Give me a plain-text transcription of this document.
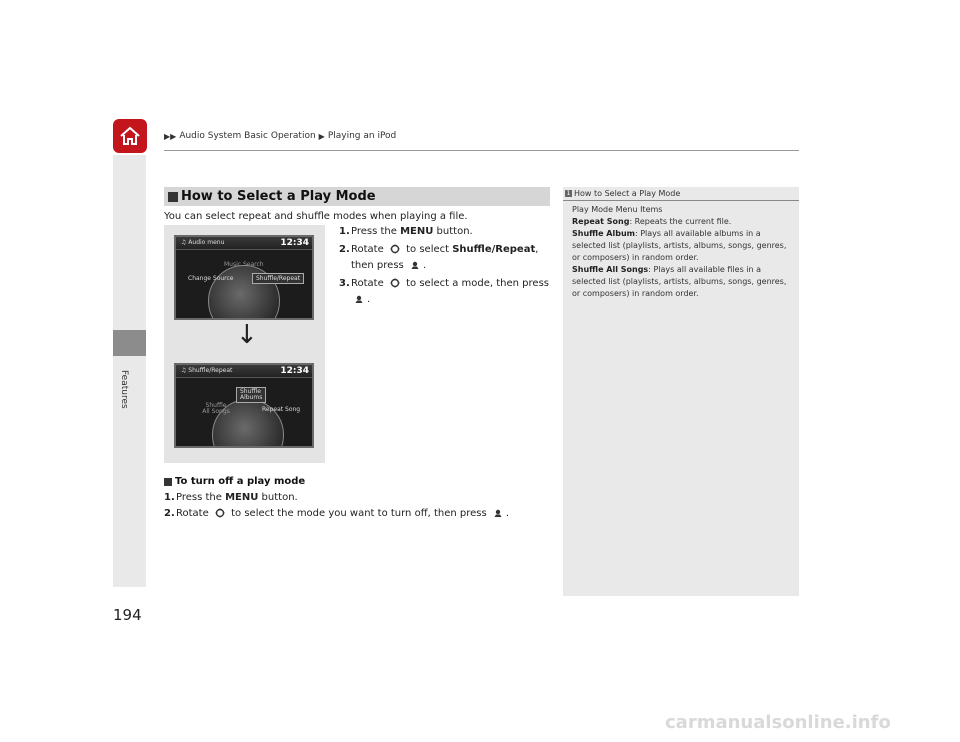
▶▶ Audio System Basic Operation ▶ Playing an iPod
Features
194
How to Select a Play Mode
You can select repeat and shuffle modes when playing a file.
♫ Audio menu	12:34
Music Search
Change Source	Shuffle/Repeat
↓
♫ Shuffle/Repeat	12:34
Shuffle Albums
Shuffle All Songs	Repeat Song
1. Press the MENU button.
2. Rotate  to select Shuffle/Repeat, then press .
3. Rotate  to select a mode, then press .
To turn off a play mode
1. Press the MENU button.
2. Rotate  to select the mode you want to turn off, then press .
1 How to Select a Play Mode

Play Mode Menu Items

Repeat Song: Repeats the current file.

Shuffle Album: Plays all available albums in a selected list (playlists, artists, albums, songs, genres, or composers) in random order.

Shuffle All Songs: Plays all available files in a selected list (playlists, artists, albums, songs, genres, or composers) in random order.

carmanualsonline.info
